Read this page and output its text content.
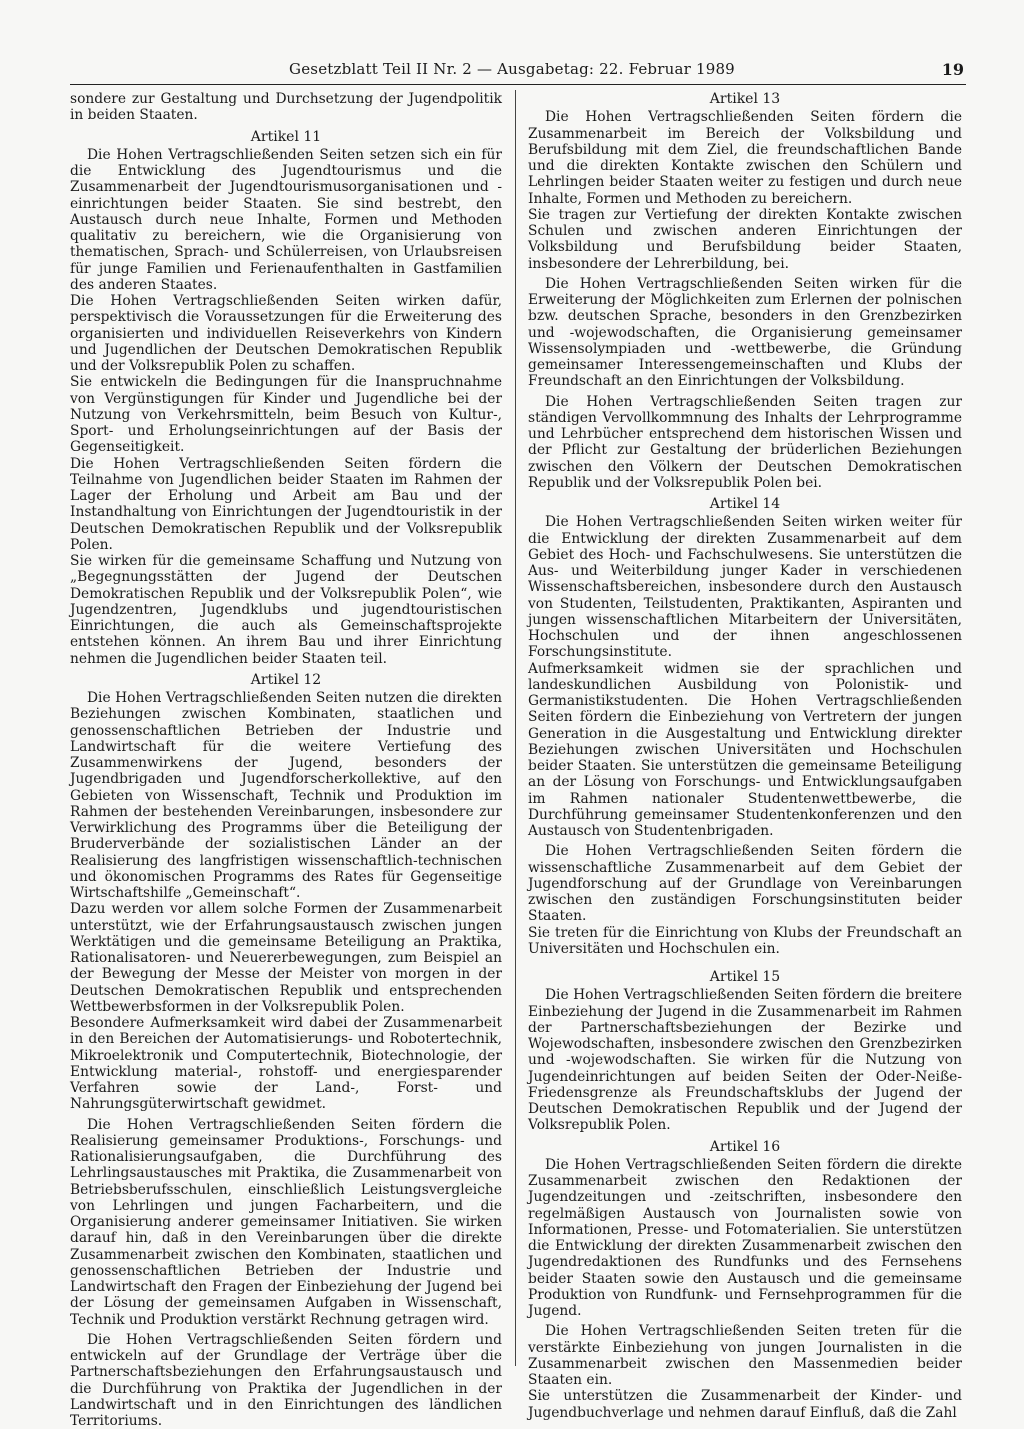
Gesetzblatt Teil II Nr. 2 — Ausgabetag: 22. Februar 1989	19

sondere zur Gestaltung und Durchsetzung der Jugendpolitik in beiden Staaten.

Artikel 11

Die Hohen Vertragschließenden Seiten setzen sich ein für die Entwicklung des Jugendtourismus und die Zusammenarbeit der Jugendtourismusorganisationen und -einrichtungen beider Staaten. Sie sind bestrebt, den Austausch durch neue Inhalte, Formen und Methoden qualitativ zu bereichern, wie die Organisierung von thematischen, Sprach- und Schülerreisen, von Urlaubsreisen für junge Familien und Ferienaufenthalten in Gastfamilien des anderen Staates.

Die Hohen Vertragschließenden Seiten wirken dafür, perspektivisch die Voraussetzungen für die Erweiterung des organisierten und individuellen Reiseverkehrs von Kindern und Jugendlichen der Deutschen Demokratischen Republik und der Volksrepublik Polen zu schaffen.

Sie entwickeln die Bedingungen für die Inanspruchnahme von Vergünstigungen für Kinder und Jugendliche bei der Nutzung von Verkehrsmitteln, beim Besuch von Kultur-, Sport- und Erholungseinrichtungen auf der Basis der Gegenseitigkeit.

Die Hohen Vertragschließenden Seiten fördern die Teilnahme von Jugendlichen beider Staaten im Rahmen der Lager der Erholung und Arbeit am Bau und der Instandhaltung von Einrichtungen der Jugendtouristik in der Deutschen Demokratischen Republik und der Volksrepublik Polen.

Sie wirken für die gemeinsame Schaffung und Nutzung von „Begegnungsstätten der Jugend der Deutschen Demokratischen Republik und der Volksrepublik Polen“, wie Jugendzentren, Jugendklubs und jugendtouristischen Einrichtungen, die auch als Gemeinschaftsprojekte entstehen können. An ihrem Bau und ihrer Einrichtung nehmen die Jugendlichen beider Staaten teil.

Artikel 12

Die Hohen Vertragschließenden Seiten nutzen die direkten Beziehungen zwischen Kombinaten, staatlichen und genossenschaftlichen Betrieben der Industrie und Landwirtschaft für die weitere Vertiefung des Zusammenwirkens der Jugend, besonders der Jugendbrigaden und Jugendforscherkollektive, auf den Gebieten von Wissenschaft, Technik und Produktion im Rahmen der bestehenden Vereinbarungen, insbesondere zur Verwirklichung des Programms über die Beteiligung der Bruderverbände der sozialistischen Länder an der Realisierung des langfristigen wissenschaftlich-technischen und ökonomischen Programms des Rates für Gegenseitige Wirtschaftshilfe „Gemeinschaft“.

Dazu werden vor allem solche Formen der Zusammenarbeit unterstützt, wie der Erfahrungsaustausch zwischen jungen Werktätigen und die gemeinsame Beteiligung an Praktika, Rationalisatoren- und Neuererbewegungen, zum Beispiel an der Bewegung der Messe der Meister von morgen in der Deutschen Demokratischen Republik und entsprechenden Wettbewerbsformen in der Volksrepublik Polen.

Besondere Aufmerksamkeit wird dabei der Zusammenarbeit in den Bereichen der Automatisierungs- und Robotertechnik, Mikroelektronik und Computertechnik, Biotechnologie, der Entwicklung material-, rohstoff- und energiesparender Verfahren sowie der Land-, Forst- und Nahrungsgüterwirtschaft gewidmet.

Die Hohen Vertragschließenden Seiten fördern die Realisierung gemeinsamer Produktions-, Forschungs- und Rationalisierungsaufgaben, die Durchführung des Lehrlingsaustausches mit Praktika, die Zusammenarbeit von Betriebsberufsschulen, einschließlich Leistungsvergleiche von Lehrlingen und jungen Facharbeitern, und die Organisierung anderer gemeinsamer Initiativen. Sie wirken darauf hin, daß in den Vereinbarungen über die direkte Zusammenarbeit zwischen den Kombinaten, staatlichen und genossenschaftlichen Betrieben der Industrie und Landwirtschaft den Fragen der Einbeziehung der Jugend bei der Lösung der gemeinsamen Aufgaben in Wissenschaft, Technik und Produktion verstärkt Rechnung getragen wird.

Die Hohen Vertragschließenden Seiten fördern und entwickeln auf der Grundlage der Verträge über die Partnerschaftsbeziehungen den Erfahrungsaustausch und die Durchführung von Praktika der Jugendlichen in der Landwirtschaft und in den Einrichtungen des ländlichen Territoriums.

Artikel 13

Die Hohen Vertragschließenden Seiten fördern die Zusammenarbeit im Bereich der Volksbildung und Berufsbildung mit dem Ziel, die freundschaftlichen Bande und die direkten Kontakte zwischen den Schülern und Lehrlingen beider Staaten weiter zu festigen und durch neue Inhalte, Formen und Methoden zu bereichern.

Sie tragen zur Vertiefung der direkten Kontakte zwischen Schulen und zwischen anderen Einrichtungen der Volksbildung und Berufsbildung beider Staaten, insbesondere der Lehrerbildung, bei.

Die Hohen Vertragschließenden Seiten wirken für die Erweiterung der Möglichkeiten zum Erlernen der polnischen bzw. deutschen Sprache, besonders in den Grenzbezirken und -wojewodschaften, die Organisierung gemeinsamer Wissensolympiaden und -wettbewerbe, die Gründung gemeinsamer Interessengemeinschaften und Klubs der Freundschaft an den Einrichtungen der Volksbildung.

Die Hohen Vertragschließenden Seiten tragen zur ständigen Vervollkommnung des Inhalts der Lehrprogramme und Lehrbücher entsprechend dem historischen Wissen und der Pflicht zur Gestaltung der brüderlichen Beziehungen zwischen den Völkern der Deutschen Demokratischen Republik und der Volksrepublik Polen bei.

Artikel 14

Die Hohen Vertragschließenden Seiten wirken weiter für die Entwicklung der direkten Zusammenarbeit auf dem Gebiet des Hoch- und Fachschulwesens. Sie unterstützen die Aus- und Weiterbildung junger Kader in verschiedenen Wissenschaftsbereichen, insbesondere durch den Austausch von Studenten, Teilstudenten, Praktikanten, Aspiranten und jungen wissenschaftlichen Mitarbeitern der Universitäten, Hochschulen und der ihnen angeschlossenen Forschungsinstitute.

Aufmerksamkeit widmen sie der sprachlichen und landeskundlichen Ausbildung von Polonistik- und Germanistikstudenten. Die Hohen Vertragschließenden Seiten fördern die Einbeziehung von Vertretern der jungen Generation in die Ausgestaltung und Entwicklung direkter Beziehungen zwischen Universitäten und Hochschulen beider Staaten. Sie unterstützen die gemeinsame Beteiligung an der Lösung von Forschungs- und Entwicklungsaufgaben im Rahmen nationaler Studentenwettbewerbe, die Durchführung gemeinsamer Studentenkonferenzen und den Austausch von Studentenbrigaden.

Die Hohen Vertragschließenden Seiten fördern die wissenschaftliche Zusammenarbeit auf dem Gebiet der Jugendforschung auf der Grundlage von Vereinbarungen zwischen den zuständigen Forschungsinstituten beider Staaten.

Sie treten für die Einrichtung von Klubs der Freundschaft an Universitäten und Hochschulen ein.

Artikel 15

Die Hohen Vertragschließenden Seiten fördern die breitere Einbeziehung der Jugend in die Zusammenarbeit im Rahmen der Partnerschaftsbeziehungen der Bezirke und Wojewodschaften, insbesondere zwischen den Grenzbezirken und -wojewodschaften. Sie wirken für die Nutzung von Jugendeinrichtungen auf beiden Seiten der Oder-Neiße-Friedensgrenze als Freundschaftsklubs der Jugend der Deutschen Demokratischen Republik und der Jugend der Volksrepublik Polen.

Artikel 16

Die Hohen Vertragschließenden Seiten fördern die direkte Zusammenarbeit zwischen den Redaktionen der Jugendzeitungen und -zeitschriften, insbesondere den regelmäßigen Austausch von Journalisten sowie von Informationen, Presse- und Fotomaterialien. Sie unterstützen die Entwicklung der direkten Zusammenarbeit zwischen den Jugendredaktionen des Rundfunks und des Fernsehens beider Staaten sowie den Austausch und die gemeinsame Produktion von Rundfunk- und Fernsehprogrammen für die Jugend.

Die Hohen Vertragschließenden Seiten treten für die verstärkte Einbeziehung von jungen Journalisten in die Zusammenarbeit zwischen den Massenmedien beider Staaten ein.

Sie unterstützen die Zusammenarbeit der Kinder- und Jugendbuchverlage und nehmen darauf Einfluß, daß die Zahl
